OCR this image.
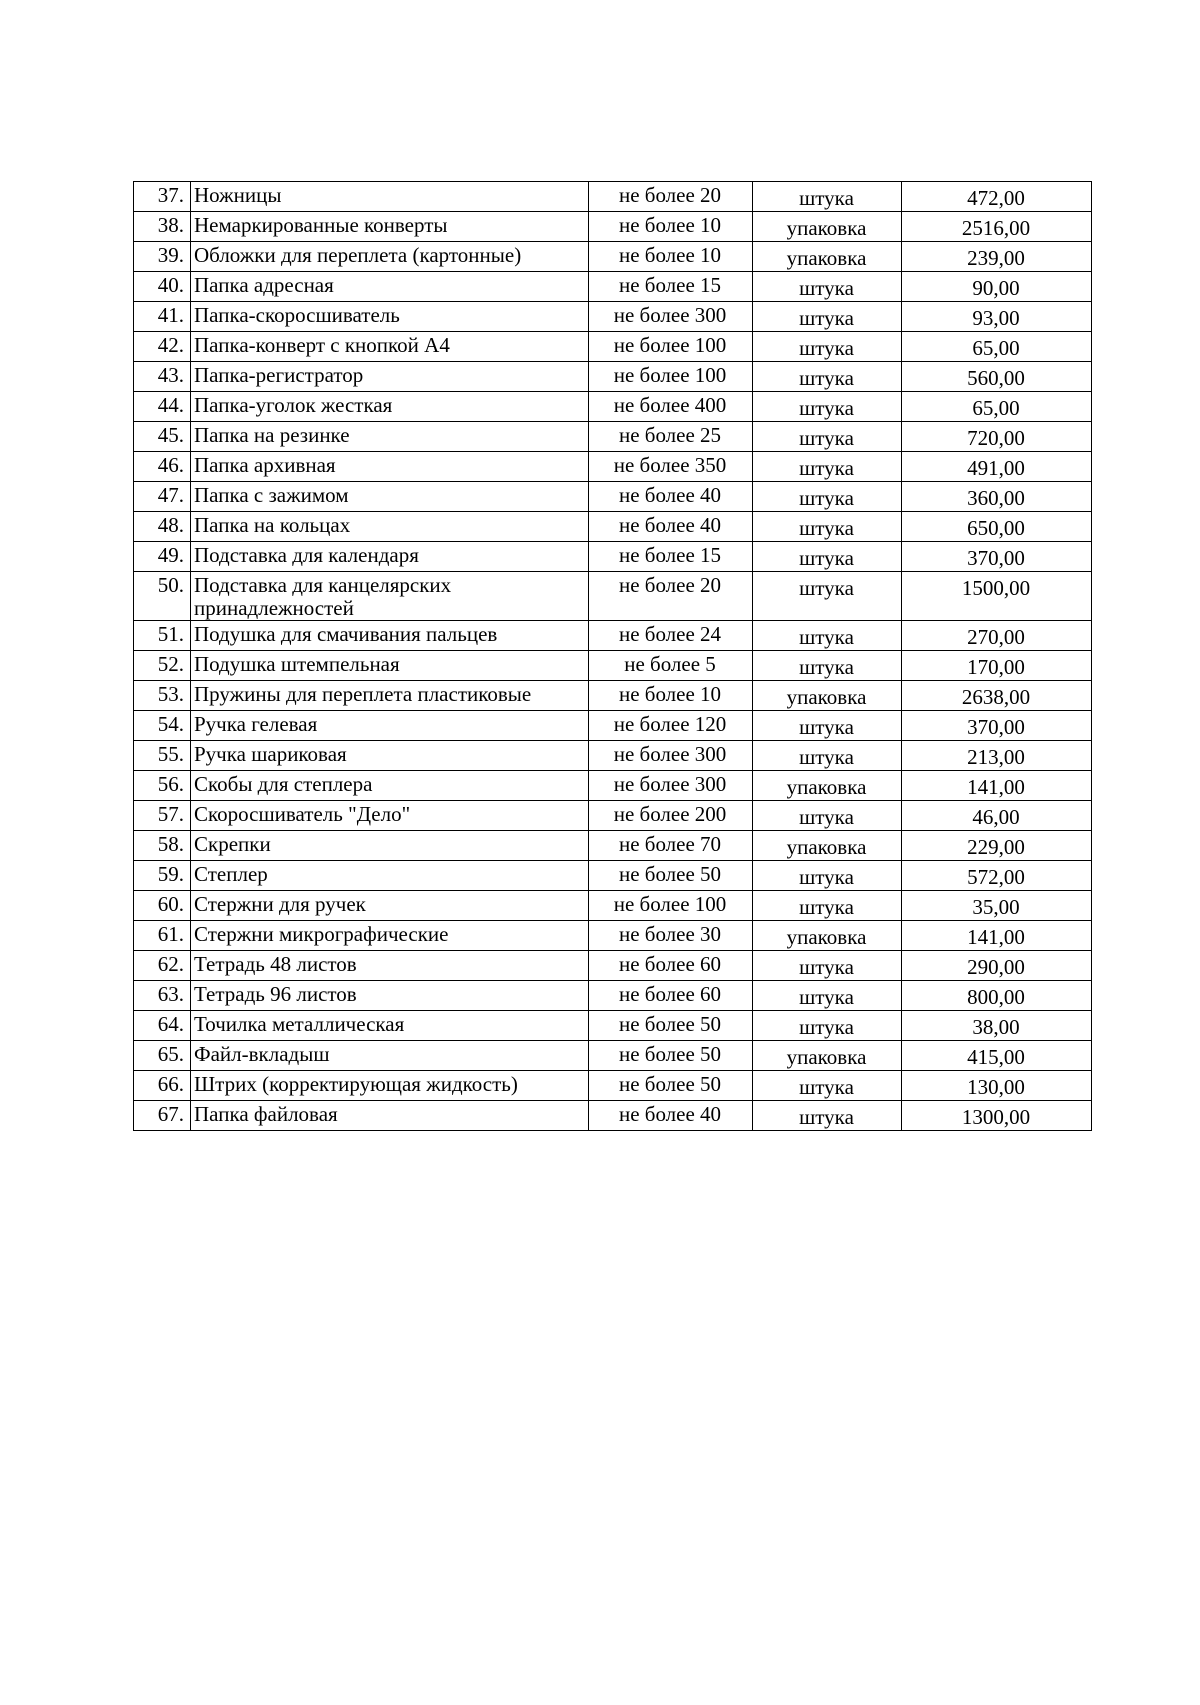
37.	Ножницы	не более 20	штука	472,00
38.	Немаркированные конверты	не более 10	упаковка	2516,00
39.	Обложки для переплета (картонные)	не более 10	упаковка	239,00
40.	Папка адресная	не более 15	штука	90,00
41.	Папка-скоросшиватель	не более 300	штука	93,00
42.	Папка-конверт с кнопкой А4	не более 100	штука	65,00
43.	Папка-регистратор	не более 100	штука	560,00
44.	Папка-уголок жесткая	не более 400	штука	65,00
45.	Папка на резинке	не более 25	штука	720,00
46.	Папка архивная	не более 350	штука	491,00
47.	Папка с зажимом	не более 40	штука	360,00
48.	Папка на кольцах	не более 40	штука	650,00
49.	Подставка для календаря	не более 15	штука	370,00
50.	Подставка для канцелярских принадлежностей	не более 20	штука	1500,00
51.	Подушка для смачивания пальцев	не более 24	штука	270,00
52.	Подушка штемпельная	не более 5	штука	170,00
53.	Пружины для переплета пластиковые	не более 10	упаковка	2638,00
54.	Ручка гелевая	не более 120	штука	370,00
55.	Ручка шариковая	не более 300	штука	213,00
56.	Скобы для степлера	не более 300	упаковка	141,00
57.	Скоросшиватель "Дело"	не более 200	штука	46,00
58.	Скрепки	не более 70	упаковка	229,00
59.	Степлер	не более 50	штука	572,00
60.	Стержни для ручек	не более 100	штука	35,00
61.	Стержни микрографические	не более 30	упаковка	141,00
62.	Тетрадь 48 листов	не более 60	штука	290,00
63.	Тетрадь 96 листов	не более 60	штука	800,00
64.	Точилка металлическая	не более 50	штука	38,00
65.	Файл-вкладыш	не более 50	упаковка	415,00
66.	Штрих (корректирующая жидкость)	не более 50	штука	130,00
67.	Папка файловая	не более 40	штука	1300,00
